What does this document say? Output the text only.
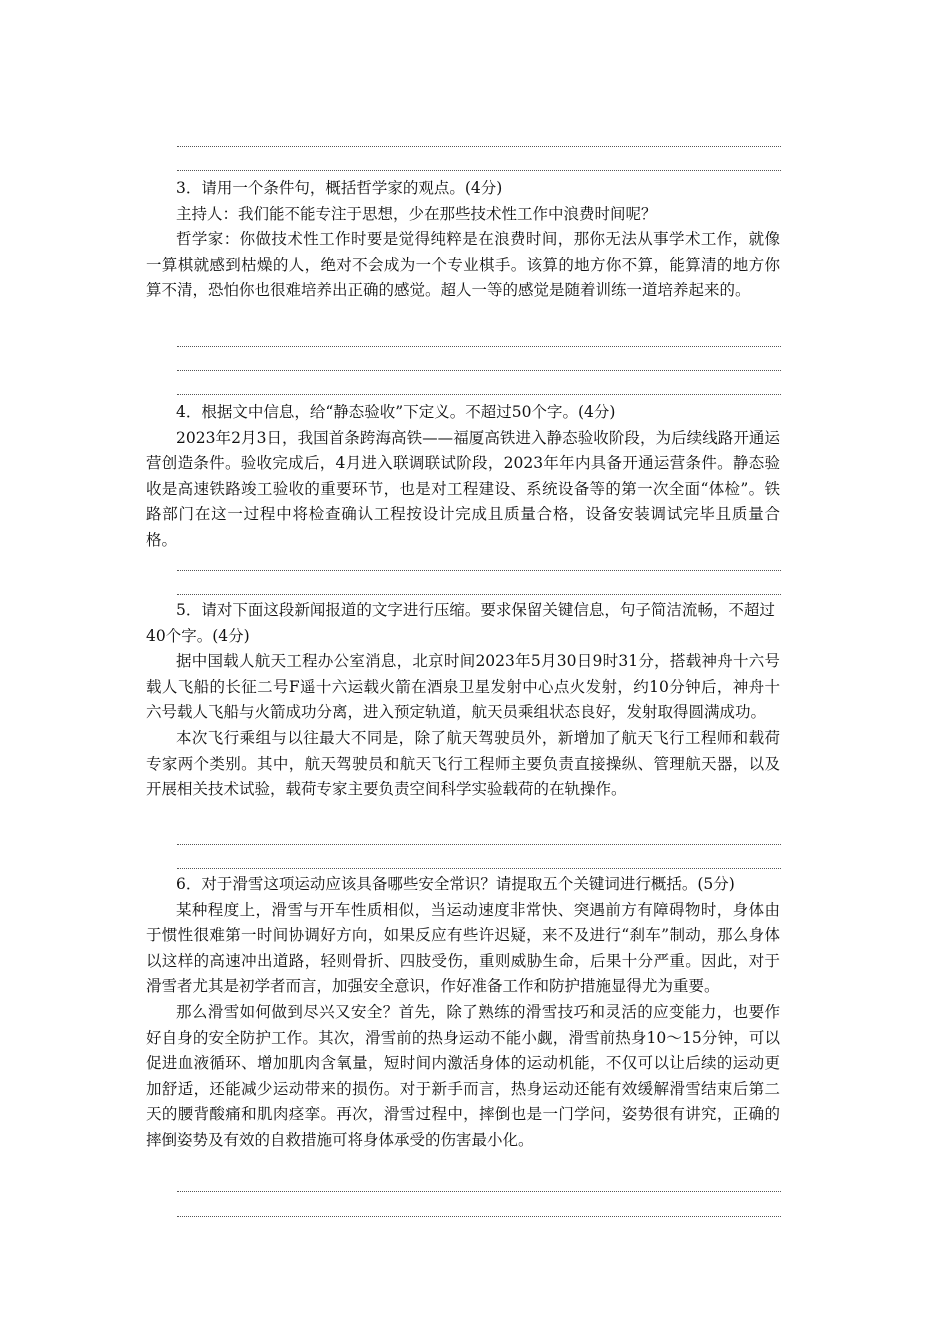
3．请用一个条件句，概括哲学家的观点。(4分)

主持人：我们能不能专注于思想，少在那些技术性工作中浪费时间呢？

哲学家：你做技术性工作时要是觉得纯粹是在浪费时间，那你无法从事学术工作，就像一算棋就感到枯燥的人，绝对不会成为一个专业棋手。该算的地方你不算，能算清的地方你算不清，恐怕你也很难培养出正确的感觉。超人一等的感觉是随着训练一道培养起来的。

4．根据文中信息，给“静态验收”下定义。不超过50个字。(4分)

2023年2月3日，我国首条跨海高铁——福厦高铁进入静态验收阶段，为后续线路开通运营创造条件。验收完成后，4月进入联调联试阶段，2023年年内具备开通运营条件。静态验收是高速铁路竣工验收的重要环节，也是对工程建设、系统设备等的第一次全面“体检”。铁路部门在这一过程中将检查确认工程按设计完成且质量合格，设备安装调试完毕且质量合格。

5．请对下面这段新闻报道的文字进行压缩。要求保留关键信息，句子简洁流畅，不超过40个字。(4分)

据中国载人航天工程办公室消息，北京时间2023年5月30日9时31分，搭载神舟十六号载人飞船的长征二号F遥十六运载火箭在酒泉卫星发射中心点火发射，约10分钟后，神舟十六号载人飞船与火箭成功分离，进入预定轨道，航天员乘组状态良好，发射取得圆满成功。

本次飞行乘组与以往最大不同是，除了航天驾驶员外，新增加了航天飞行工程师和载荷专家两个类别。其中，航天驾驶员和航天飞行工程师主要负责直接操纵、管理航天器，以及开展相关技术试验，载荷专家主要负责空间科学实验载荷的在轨操作。

6．对于滑雪这项运动应该具备哪些安全常识？请提取五个关键词进行概括。(5分)

某种程度上，滑雪与开车性质相似，当运动速度非常快、突遇前方有障碍物时，身体由于惯性很难第一时间协调好方向，如果反应有些许迟疑，来不及进行“刹车”制动，那么身体以这样的高速冲出道路，轻则骨折、四肢受伤，重则威胁生命，后果十分严重。因此，对于滑雪者尤其是初学者而言，加强安全意识，作好准备工作和防护措施显得尤为重要。

那么滑雪如何做到尽兴又安全？首先，除了熟练的滑雪技巧和灵活的应变能力，也要作好自身的安全防护工作。其次，滑雪前的热身运动不能小觑，滑雪前热身10～15分钟，可以促进血液循环、增加肌肉含氧量，短时间内激活身体的运动机能，不仅可以让后续的运动更加舒适，还能减少运动带来的损伤。对于新手而言，热身运动还能有效缓解滑雪结束后第二天的腰背酸痛和肌肉痉挛。再次，滑雪过程中，摔倒也是一门学问，姿势很有讲究，正确的摔倒姿势及有效的自救措施可将身体承受的伤害最小化。
